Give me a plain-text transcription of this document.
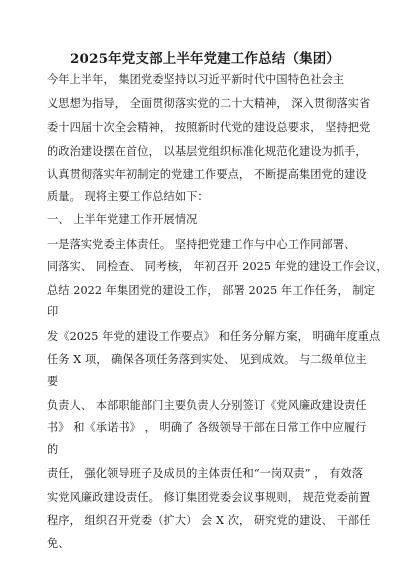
2025年党支部上半年党建工作总结（集团）
今年上半年， 集团党委坚持以习近平新时代中国特色社会主
义思想为指导， 全面贯彻落实党的二十大精神， 深入贯彻落实省
委十四届十次全会精神， 按照新时代党的建设总要求， 坚持把党
的政治建设摆在首位， 以基层党组织标准化规范化建设为抓手，
认真贯彻落实年初制定的党建工作要点， 不断提高集团党的建设
质量。 现将主要工作总结如下：
一、 上半年党建工作开展情况
一是落实党委主体责任。 坚持把党建工作与中心工作同部署、
同落实、 同检查、 同考核， 年初召开 2025 年党的建设工作会议，
总结 2022 年集团党的建设工作， 部署 2025 年工作任务， 制定
印
发《2025 年党的建设工作要点》 和任务分解方案， 明确年度重点
任务 X 项， 确保各项任务落到实处、 见到成效。 与二级单位主
要
负责人、 本部职能部门主要负责人分别签订《党风廉政建设责任
书》 和《承诺书》 ， 明确了 各级领导干部在日常工作中应履行
的
责任， 强化领导班子及成员的主体责任和“一岗双责” ， 有效落
实党风廉政建设责任。 修订集团党委会议事规则， 规范党委前置
程序， 组织召开党委（扩大） 会 X 次， 研究党的建设、 干部任
免、
